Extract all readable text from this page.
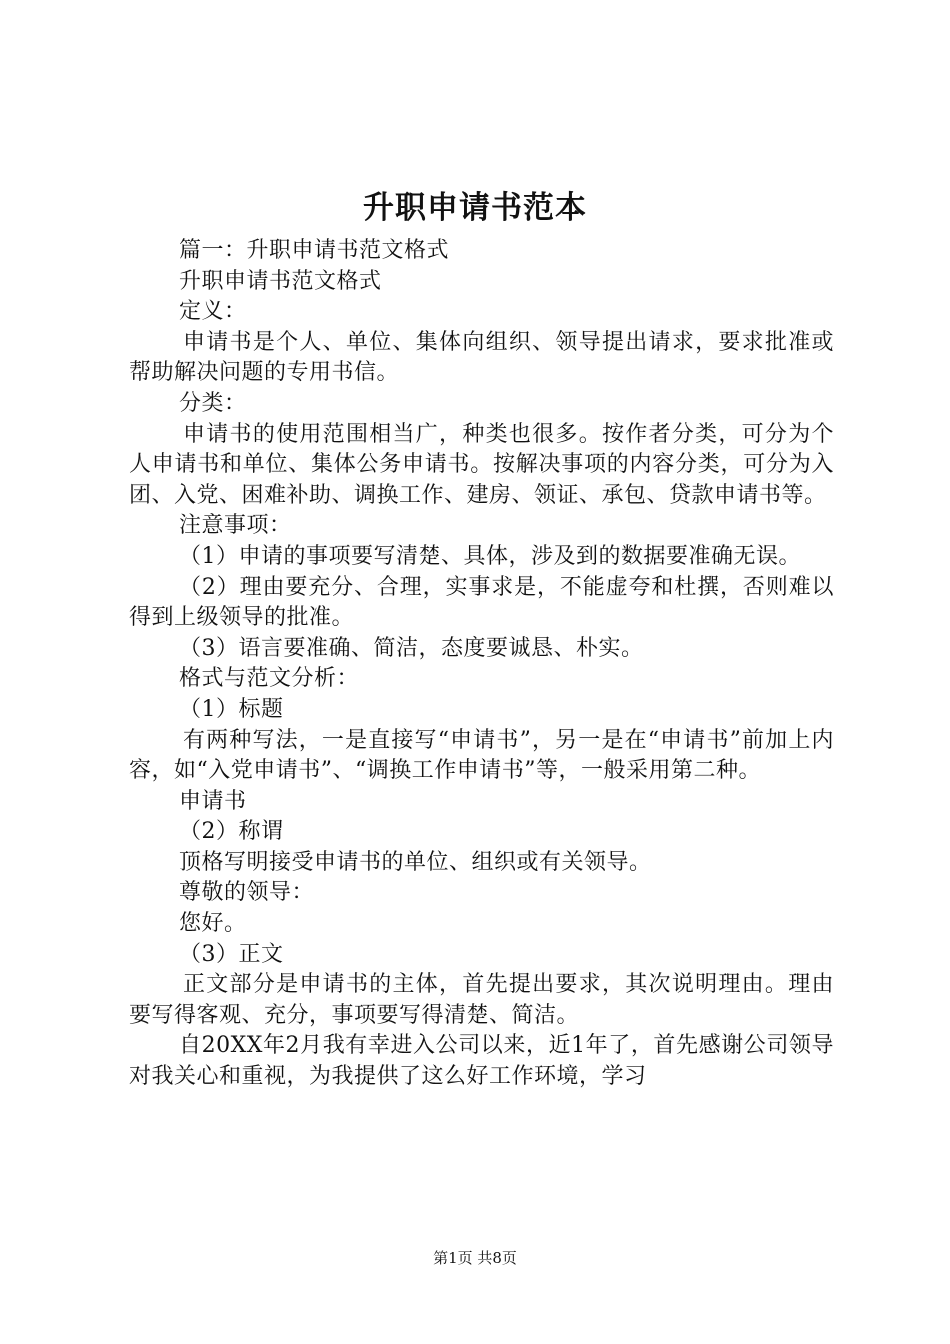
升职申请书范本

篇一：升职申请书范文格式

升职申请书范文格式

定义：

申请书是个人、单位、集体向组织、领导提出请求，要求批准或帮助解决问题的专用书信。

分类：

申请书的使用范围相当广，种类也很多。按作者分类，可分为个人申请书和单位、集体公务申请书。按解决事项的内容分类，可分为入团、入党、困难补助、调换工作、建房、领证、承包、贷款申请书等。

注意事项：

（1）申请的事项要写清楚、具体，涉及到的数据要准确无误。

（2）理由要充分、合理，实事求是，不能虚夸和杜撰，否则难以得到上级领导的批准。

（3）语言要准确、简洁，态度要诚恳、朴实。

格式与范文分析：

（1）标题

有两种写法，一是直接写“申请书”，另一是在“申请书”前加上内容，如“入党申请书”、“调换工作申请书”等，一般采用第二种。

申请书

（2）称谓

顶格写明接受申请书的单位、组织或有关领导。

尊敬的领导：

您好。

（3）正文

正文部分是申请书的主体，首先提出要求，其次说明理由。理由要写得客观、充分，事项要写得清楚、简洁。

自20XX年2月我有幸进入公司以来，近1年了，首先感谢公司领导对我关心和重视，为我提供了这么好工作环境，学习

第1页 共8页
